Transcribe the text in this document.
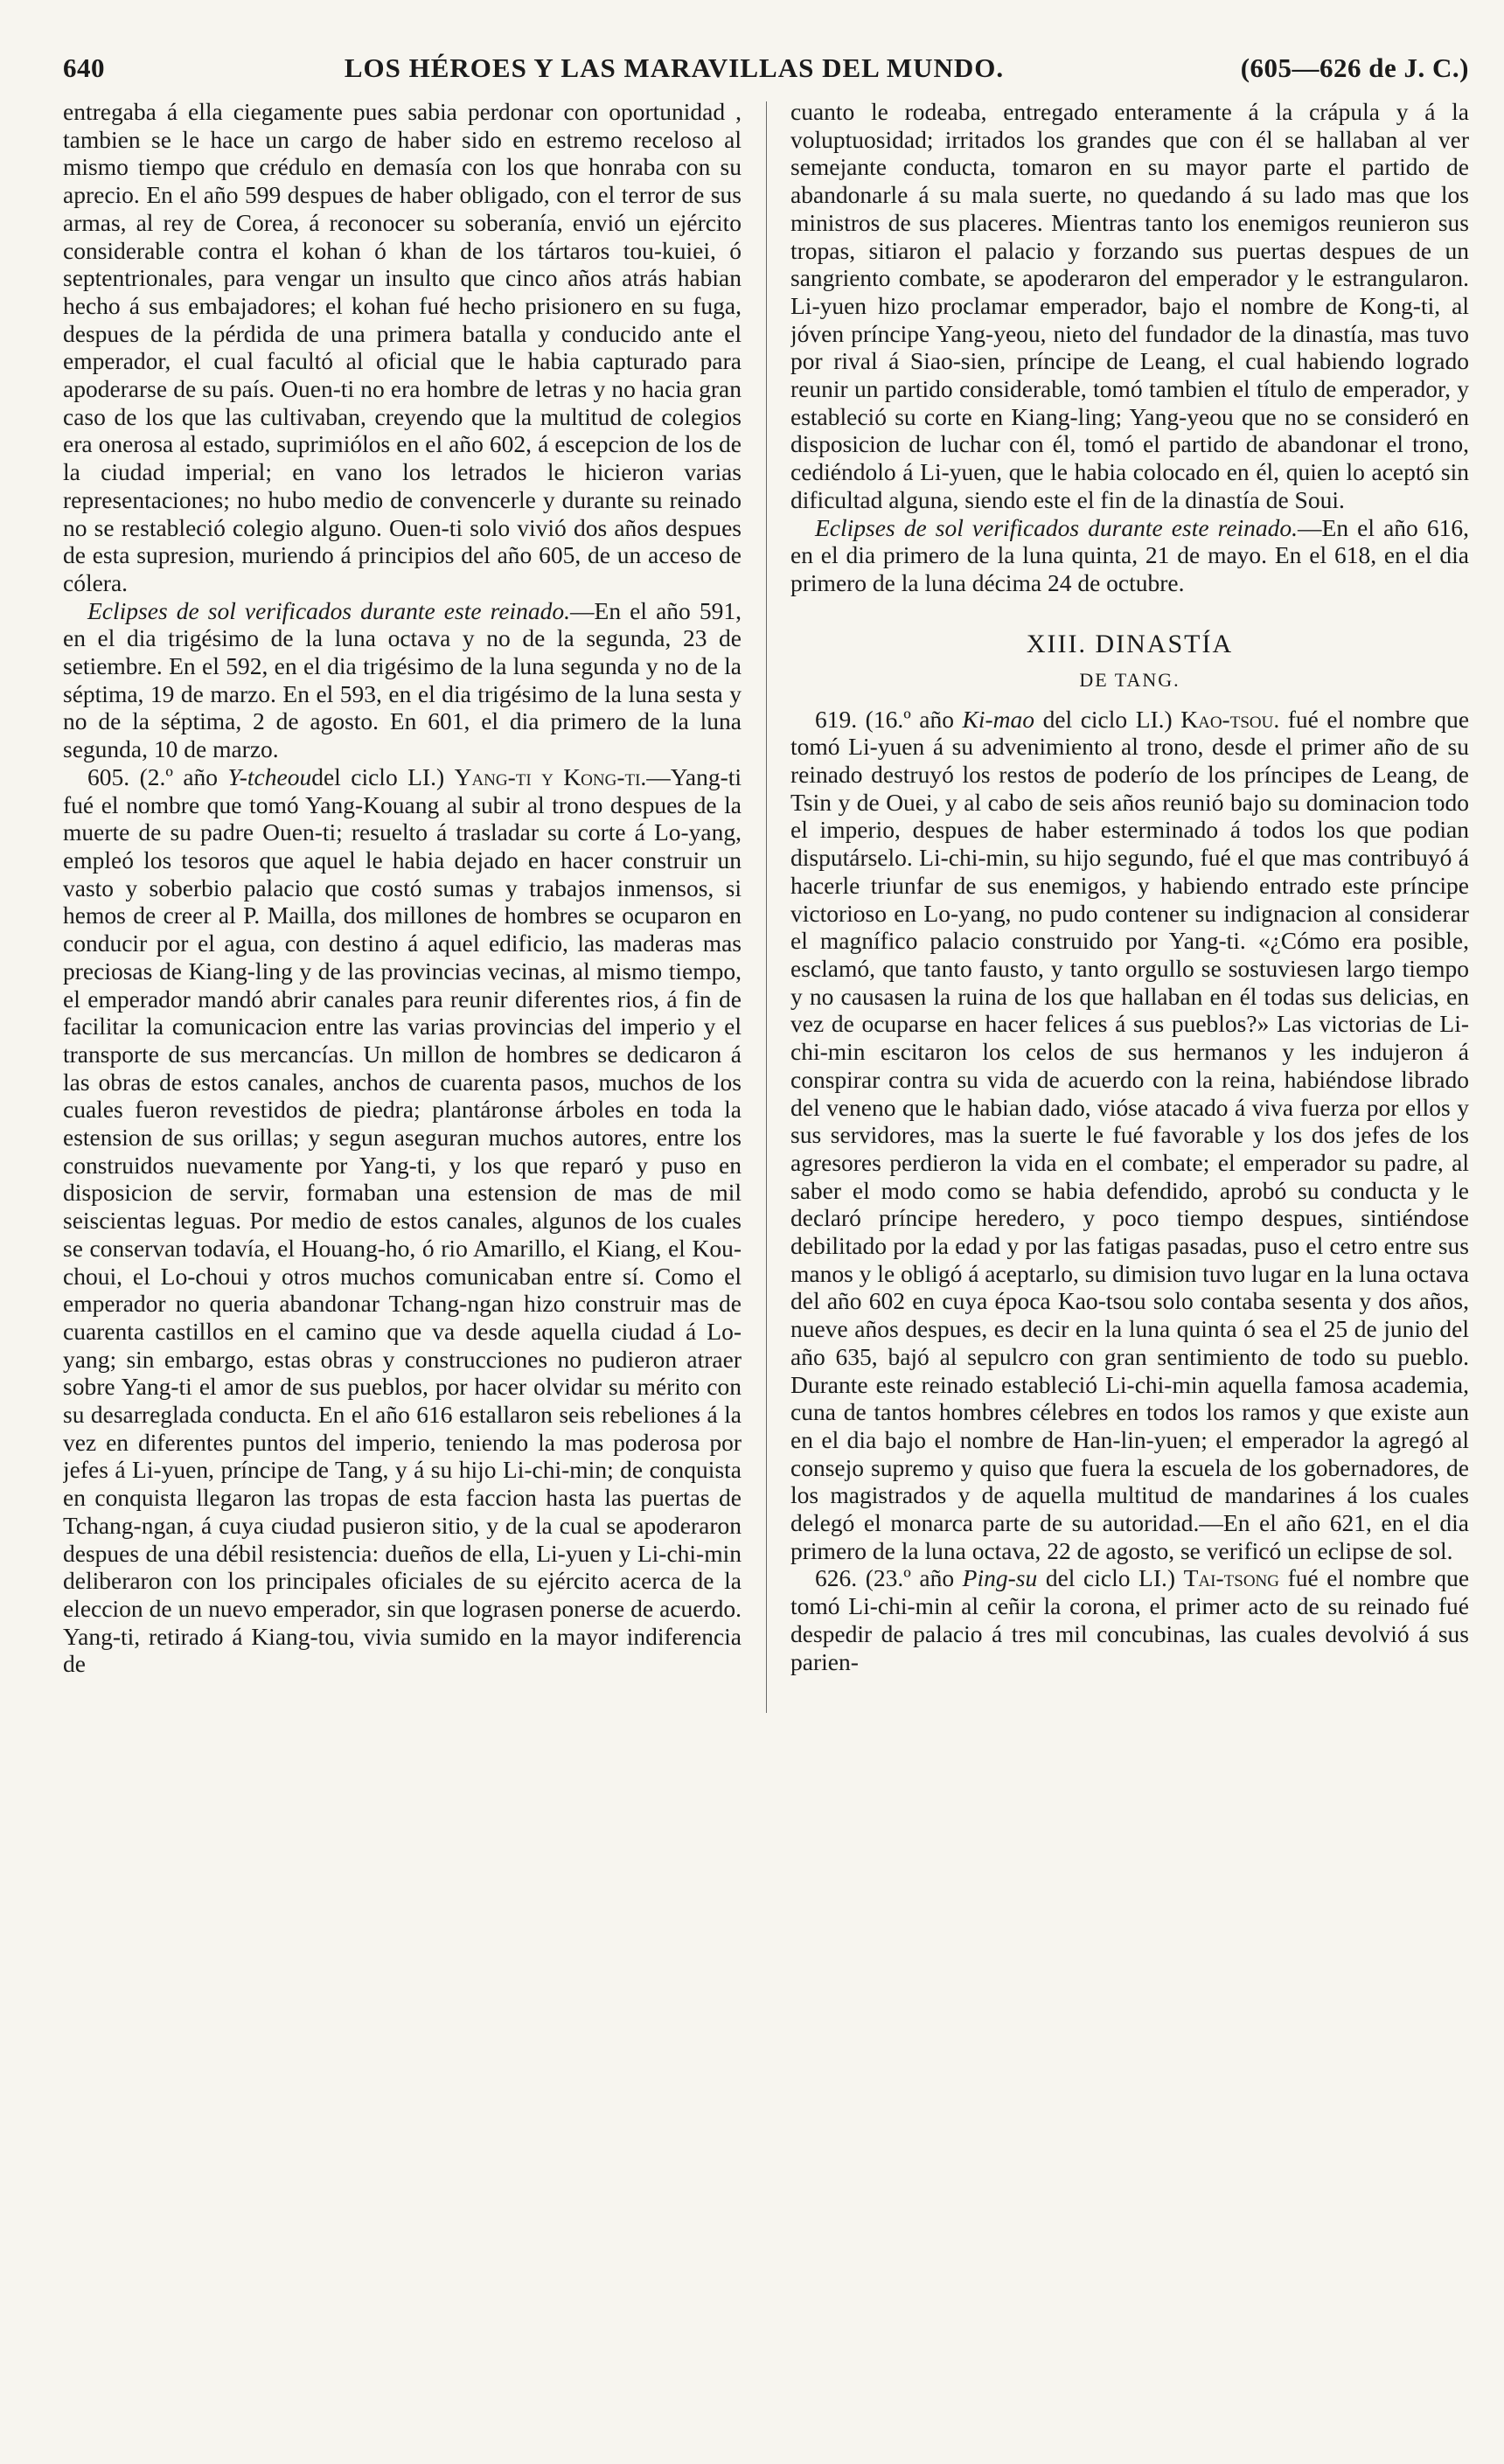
640	LOS HÉROES Y LAS MARAVILLAS DEL MUNDO.	(605—626 de J. C.)

entregaba á ella ciegamente pues sabia perdonar con oportunidad , tambien se le hace un cargo de haber sido en estremo receloso al mismo tiempo que crédulo en demasía con los que honraba con su aprecio. En el año 599 despues de haber obligado, con el terror de sus armas, al rey de Corea, á reconocer su soberanía, envió un ejército considerable contra el kohan ó khan de los tártaros tou-kuiei, ó septentrionales, para vengar un insulto que cinco años atrás habian hecho á sus embajadores; el kohan fué hecho prisionero en su fuga, despues de la pérdida de una primera batalla y conducido ante el emperador, el cual facultó al oficial que le habia capturado para apoderarse de su país. Ouen-ti no era hombre de letras y no hacia gran caso de los que las cultivaban, creyendo que la multitud de colegios era onerosa al estado, suprimiólos en el año 602, á escepcion de los de la ciudad imperial; en vano los letrados le hicieron varias representaciones; no hubo medio de convencerle y durante su reinado no se restableció colegio alguno. Ouen-ti solo vivió dos años despues de esta supresion, muriendo á principios del año 605, de un acceso de cólera.

Eclipses de sol verificados durante este reinado.—En el año 591, en el dia trigésimo de la luna octava y no de la segunda, 23 de setiembre. En el 592, en el dia trigésimo de la luna segunda y no de la séptima, 19 de marzo. En el 593, en el dia trigésimo de la luna sesta y no de la séptima, 2 de agosto. En 601, el dia primero de la luna segunda, 10 de marzo.

605. (2.º año Y-tcheoudel ciclo LI.) Yang-ti y Kong-ti.—Yang-ti fué el nombre que tomó Yang-Kouang al subir al trono despues de la muerte de su padre Ouen-ti; resuelto á trasladar su corte á Lo-yang, empleó los tesoros que aquel le habia dejado en hacer construir un vasto y soberbio palacio que costó sumas y trabajos inmensos, si hemos de creer al P. Mailla, dos millones de hombres se ocuparon en conducir por el agua, con destino á aquel edificio, las maderas mas preciosas de Kiang-ling y de las provincias vecinas, al mismo tiempo, el emperador mandó abrir canales para reunir diferentes rios, á fin de facilitar la comunicacion entre las varias provincias del imperio y el transporte de sus mercancías. Un millon de hombres se dedicaron á las obras de estos canales, anchos de cuarenta pasos, muchos de los cuales fueron revestidos de piedra; plantáronse árboles en toda la estension de sus orillas; y segun aseguran muchos autores, entre los construidos nuevamente por Yang-ti, y los que reparó y puso en disposicion de servir, formaban una estension de mas de mil seiscientas leguas. Por medio de estos canales, algunos de los cuales se conservan todavía, el Houang-ho, ó rio Amarillo, el Kiang, el Kou-choui, el Lo-choui y otros muchos comunicaban entre sí. Como el emperador no queria abandonar Tchang-ngan hizo construir mas de cuarenta castillos en el camino que va desde aquella ciudad á Lo-yang; sin embargo, estas obras y construcciones no pudieron atraer sobre Yang-ti el amor de sus pueblos, por hacer olvidar su mérito con su desarreglada conducta. En el año 616 estallaron seis rebeliones á la vez en diferentes puntos del imperio, teniendo la mas poderosa por jefes á Li-yuen, príncipe de Tang, y á su hijo Li-chi-min; de conquista en conquista llegaron las tropas de esta faccion hasta las puertas de Tchang-ngan, á cuya ciudad pusieron sitio, y de la cual se apoderaron despues de una débil resistencia: dueños de ella, Li-yuen y Li-chi-min deliberaron con los principales oficiales de su ejército acerca de la eleccion de un nuevo emperador, sin que lograsen ponerse de acuerdo. Yang-ti, retirado á Kiang-tou, vivia sumido en la mayor indiferencia de

cuanto le rodeaba, entregado enteramente á la crápula y á la voluptuosidad; irritados los grandes que con él se hallaban al ver semejante conducta, tomaron en su mayor parte el partido de abandonarle á su mala suerte, no quedando á su lado mas que los ministros de sus placeres. Mientras tanto los enemigos reunieron sus tropas, sitiaron el palacio y forzando sus puertas despues de un sangriento combate, se apoderaron del emperador y le estrangularon. Li-yuen hizo proclamar emperador, bajo el nombre de Kong-ti, al jóven príncipe Yang-yeou, nieto del fundador de la dinastía, mas tuvo por rival á Siao-sien, príncipe de Leang, el cual habiendo logrado reunir un partido considerable, tomó tambien el título de emperador, y estableció su corte en Kiang-ling; Yang-yeou que no se consideró en disposicion de luchar con él, tomó el partido de abandonar el trono, cediéndolo á Li-yuen, que le habia colocado en él, quien lo aceptó sin dificultad alguna, siendo este el fin de la dinastía de Soui.

Eclipses de sol verificados durante este reinado.—En el año 616, en el dia primero de la luna quinta, 21 de mayo. En el 618, en el dia primero de la luna décima 24 de octubre.

XIII. DINASTÍA
DE TANG.

619. (16.º año Ki-mao del ciclo LI.) Kao-tsou. fué el nombre que tomó Li-yuen á su advenimiento al trono, desde el primer año de su reinado destruyó los restos de poderío de los príncipes de Leang, de Tsin y de Ouei, y al cabo de seis años reunió bajo su dominacion todo el imperio, despues de haber esterminado á todos los que podian disputárselo. Li-chi-min, su hijo segundo, fué el que mas contribuyó á hacerle triunfar de sus enemigos, y habiendo entrado este príncipe victorioso en Lo-yang, no pudo contener su indignacion al considerar el magnífico palacio construido por Yang-ti. «¿Cómo era posible, esclamó, que tanto fausto, y tanto orgullo se sostuviesen largo tiempo y no causasen la ruina de los que hallaban en él todas sus delicias, en vez de ocuparse en hacer felices á sus pueblos?» Las victorias de Li-chi-min escitaron los celos de sus hermanos y les indujeron á conspirar contra su vida de acuerdo con la reina, habiéndose librado del veneno que le habian dado, vióse atacado á viva fuerza por ellos y sus servidores, mas la suerte le fué favorable y los dos jefes de los agresores perdieron la vida en el combate; el emperador su padre, al saber el modo como se habia defendido, aprobó su conducta y le declaró príncipe heredero, y poco tiempo despues, sintiéndose debilitado por la edad y por las fatigas pasadas, puso el cetro entre sus manos y le obligó á aceptarlo, su dimision tuvo lugar en la luna octava del año 602 en cuya época Kao-tsou solo contaba sesenta y dos años, nueve años despues, es decir en la luna quinta ó sea el 25 de junio del año 635, bajó al sepulcro con gran sentimiento de todo su pueblo. Durante este reinado estableció Li-chi-min aquella famosa academia, cuna de tantos hombres célebres en todos los ramos y que existe aun en el dia bajo el nombre de Han-lin-yuen; el emperador la agregó al consejo supremo y quiso que fuera la escuela de los gobernadores, de los magistrados y de aquella multitud de mandarines á los cuales delegó el monarca parte de su autoridad.—En el año 621, en el dia primero de la luna octava, 22 de agosto, se verificó un eclipse de sol.

626. (23.º año Ping-su del ciclo LI.) Tai-tsong fué el nombre que tomó Li-chi-min al ceñir la corona, el primer acto de su reinado fué despedir de palacio á tres mil concubinas, las cuales devolvió á sus parien-
